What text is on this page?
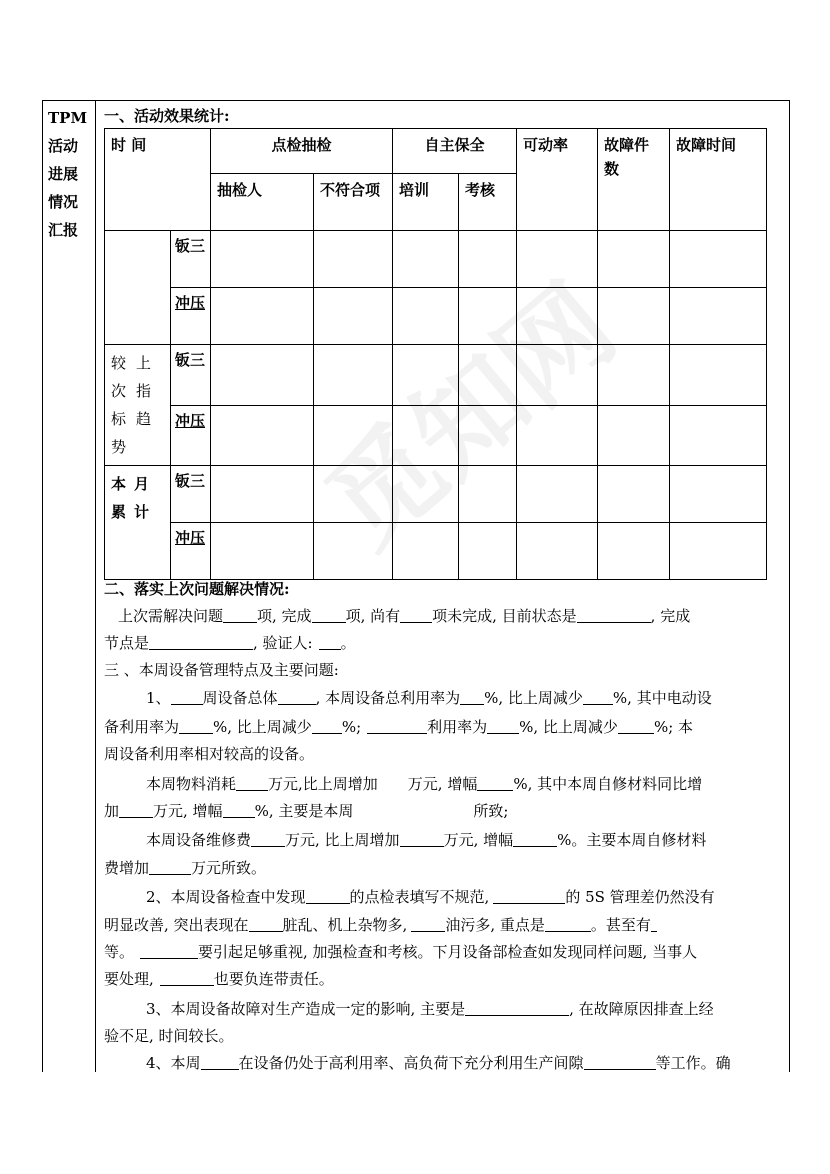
觅知网
TPM活动进展情况汇报
一、活动效果统计:
时 间		点检抽检		自主保全		可动率	故障件数	故障时间
		抽检人	不符合项	培训	考核			
	钣三							
	冲压							
较上次指标趋势	钣三							
	冲压							
本月累计	钣三							
	冲压							
二、落实上次问题解决情况:
上次需解决问题 项, 完成 项, 尚有 项未完成, 目前状态是	, 完成
节点是	, 验证人: 。
三 、本周设备管理特点及主要问题:
1、 周设备总体	, 本周设备总利用率为 %, 比上周减少 %, 其中电动设
备利用率为 %, 比上周减少 %;	利用率为 %, 比上周减少 %; 本
周设备利用率相对较高的设备。
本周物料消耗 万元,比上周增加 万元, 增幅 %, 其中本周自修材料同比增
加 万元, 增幅 %, 主要是本周	所致;
本周设备维修费 万元, 比上周增加	万元, 增幅	%。主要本周自修材料
费增加	万元所致。
2、本周设备检查中发现	的点检表填写不规范,	的 5S 管理差仍然没有
明显改善, 突出表现在 脏乱、机上杂物多,	油污多, 重点是	。甚至有
等。	要引起足够重视, 加强检查和考核。下月设备部检查如发现同样问题, 当事人
要处理,	也要负连带责任。
3、本周设备故障对生产造成一定的影响, 主要是	, 在故障原因排查上经
验不足, 时间较长。
4、本周	在设备仍处于高利用率、高负荷下充分利用生产间隙	等工作。确
